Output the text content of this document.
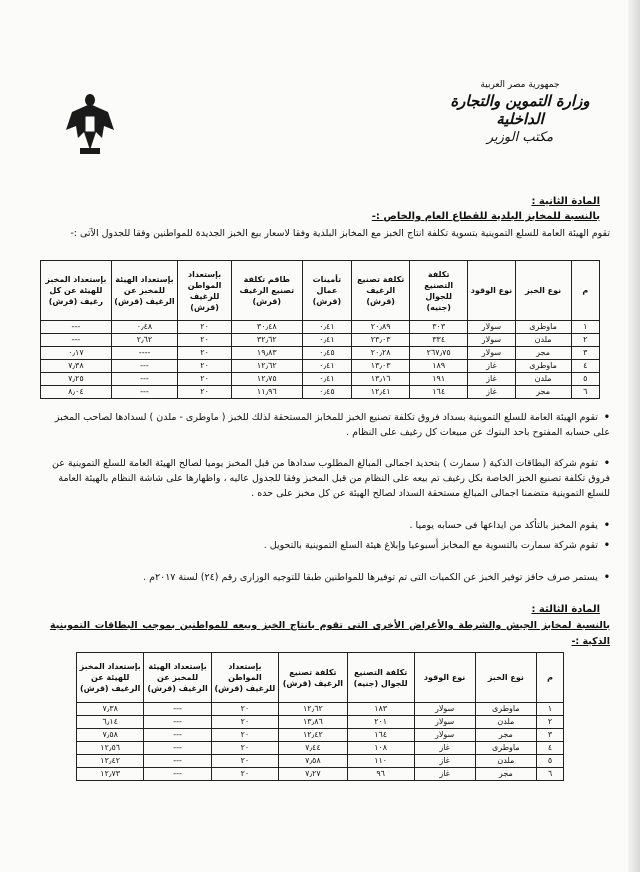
جمهورية مصر العربية
وزارة التموين والتجارة الداخلية
مكتب الوزير
المادة الثانية :
بالنسبة للمخابز البلدية للقطاع العام والخاص :-
تقوم الهيئة العامة للسلع التموينية بتسوية تكلفة انتاج الخبز مع المخابز البلدية وفقا لاسعار بيع الخبز الجديدة للمواطنين وفقا للجدول الآتى :-
م	نوع الخبز	نوع الوقود	تكلفة التصنيع للجوال (جنيه)	تكلفة تصنيع الرغيف (قرش)	تأمينات عمال (قرش)	طاقم تكلفة تصنيع الرغيف (قرش)	بإستعداد المواطن للرغيف (قرش)	بإستعداد الهيئة للمخبز عن الرغيف (قرش)	بإستعداد المخبز للهيئة عن كل رغيف (قرش)
١	ماوطرى	سولار	٣٠٣	٢٠٫٨٩	٠٫٤١	٣٠٫٤٨	٢٠	٠٫٤٨	---
٢	ملدن	سولار	٣٣٤	٢٣٫٠٣	٠٫٤١	٣٢٫٦٢	٢٠	٢٫٦٢	---
٣	مجر	سولار	٢٦٧٫٧٥	٢٠٫٢٨	٠٫٤٥	١٩٫٨٣	٢٠	----	٠٫١٧
٤	ماوطرى	غاز	١٨٩	١٣٫٠٣	٠٫٤١	١٢٫٦٢	٢٠	---	٧٫٣٨
٥	ملدن	غاز	١٩١	١٣٫١٦	٠٫٤١	١٢٫٧٥	٢٠	---	٧٫٢٥
٦	مجر	غاز	١٦٤	١٢٫٤١	٠٫٤٥	١١٫٩٦	٢٠	---	٨٫٠٤
•تقوم الهيئة العامة للسلع التموينية بسداد فروق تكلفة تصنيع الخبز للمخابز المستحقة لذلك للخبز ( ماوطرى - ملدن ) لسدادها لصاحب المخبز على حسابه المفتوح باحد البنوك عن مبيعات كل رغيف على النظام .
•تقوم شركة البطاقات الذكية ( سمارت ) بتحديد اجمالى المبالغ المطلوب سدادها من قبل المخبز يوميا لصالح الهيئة العامة للسلع التموينية عن فروق تكلفة تصنيع الخبز الخاصة بكل رغيف تم بيعه على النظام من قبل المخبز وفقا للجدول عاليه ، واظهارها على شاشة النظام بالهيئة العامة للسلع التموينية متضمنا اجمالى المبالغ مستحقة السداد لصالح الهيئة عن كل مخبز على حده .
•يقوم المخبز بالتأكد من ايداعها فى حسابه يوميا .
•تقوم شركة سمارت بالتسوية مع المخابز أسبوعيا وإبلاغ هيئة السلع التموينية بالتحويل .
•يستمر صرف حافز توفير الخبز عن الكميات التى تم توفيرها للمواطنين طبقا للتوجيه الوزارى رقم (٢٤) لسنة ٢٠١٧م .
المادة الثالثة :
بالنسبة لمخابز الجيش والشرطة والأغراض الأخرى التى تقوم بانتاج الخبز وبيعه للمواطنين بموجب البطاقات التموينية الذكية :-
م	نوع الخبز	نوع الوقود	تكلفة التصنيع للجوال (جنيه)	تكلفة تصنيع الرغيف (قرش)	بإستعداد المواطن للرغيف (قرش)	بإستعداد الهيئة للمخبز عن الرغيف (قرش)	بإستعداد المخبز للهيئة عن الرغيف (قرش)
١	ماوطرى	سولار	١٨٣	١٢٫٦٢	٢٠	---	٧٫٣٨
٢	ملدن	سولار	٢٠١	١٣٫٨٦	٢٠	---	٦٫١٤
٣	مجر	سولار	١٦٤	١٢٫٤٢	٢٠	---	٧٫٥٨
٤	ماوطرى	غاز	١٠٨	٧٫٤٤	٢٠	---	١٢٫٥٦
٥	ملدن	غاز	١١٠	٧٫٥٨	٢٠	---	١٢٫٤٢
٦	مجر	غاز	٩٦	٧٫٢٧	٢٠	---	١٢٫٧٣
